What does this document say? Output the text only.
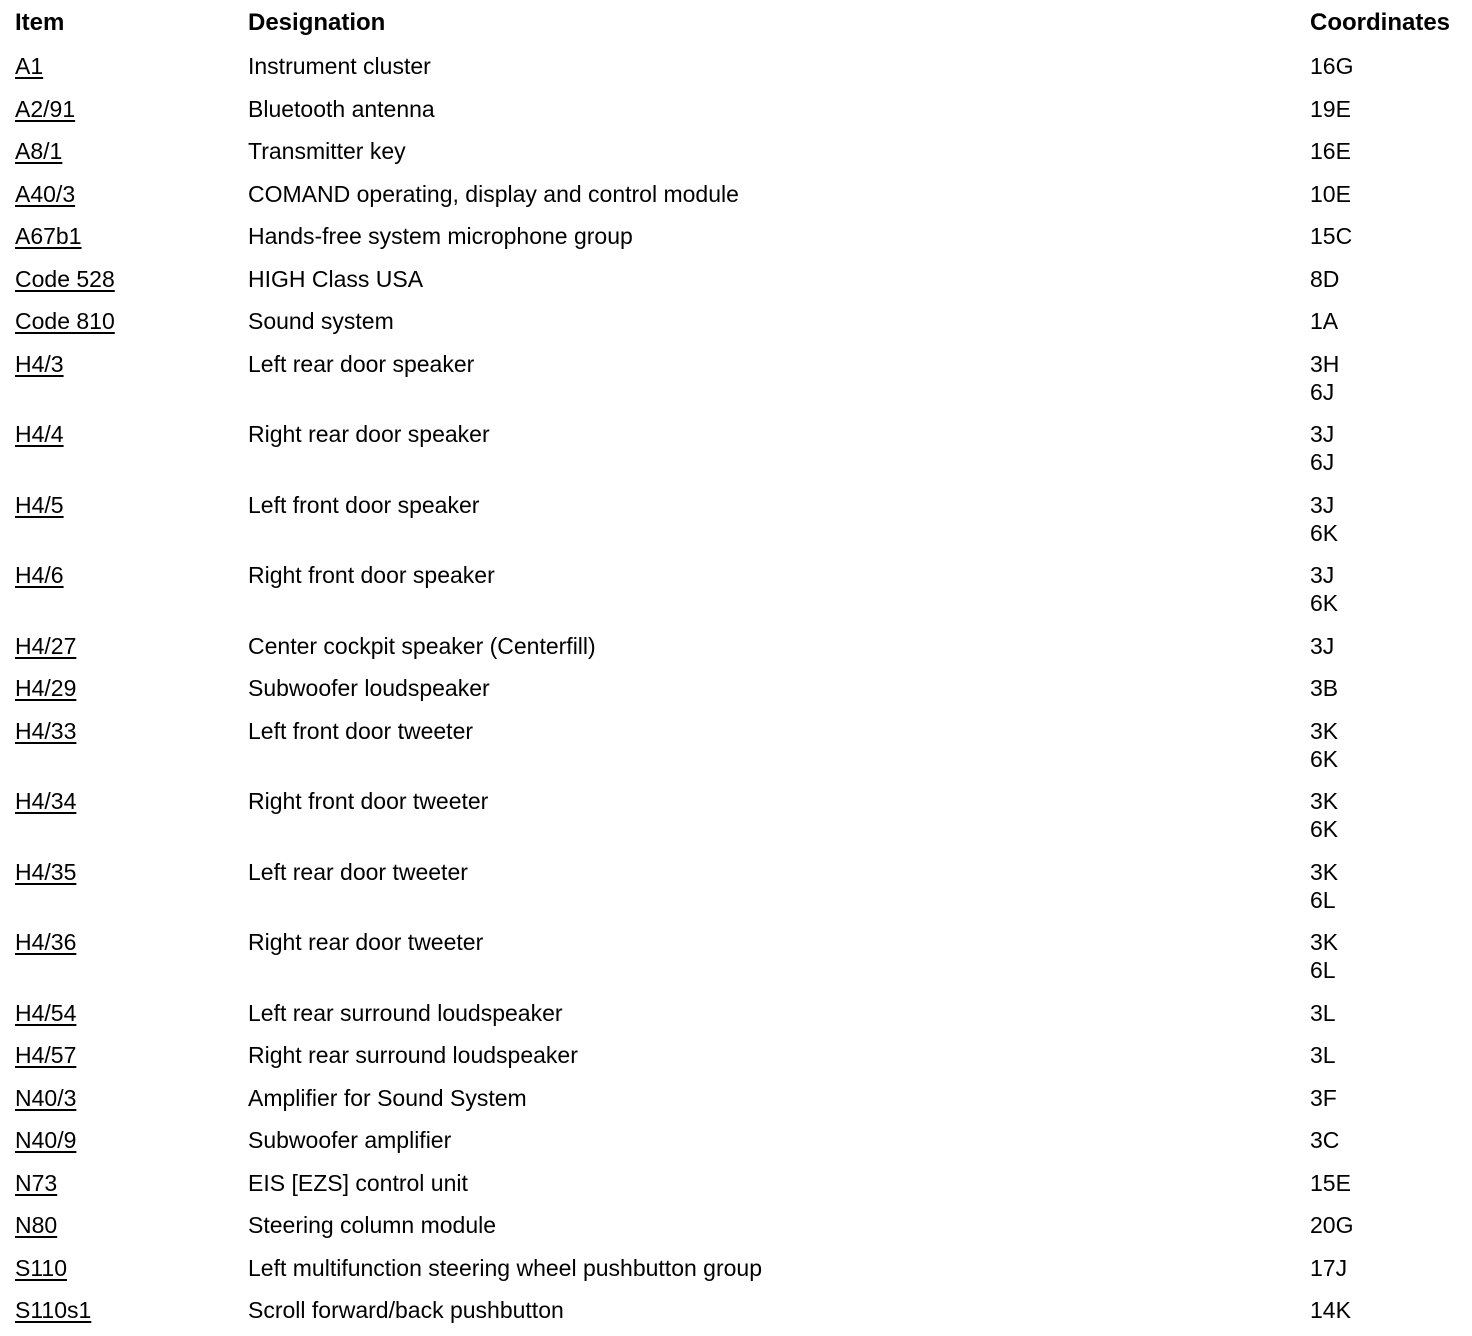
Item	Designation	Coordinates
A1	Instrument cluster	16G
A2/91	Bluetooth antenna	19E
A8/1	Transmitter key	16E
A40/3	COMAND operating, display and control module	10E
A67b1	Hands-free system microphone group	15C
Code 528	HIGH Class USA	8D
Code 810	Sound system	1A
H4/3	Left rear door speaker	3H
6J
H4/4	Right rear door speaker	3J
6J
H4/5	Left front door speaker	3J
6K
H4/6	Right front door speaker	3J
6K
H4/27	Center cockpit speaker (Centerfill)	3J
H4/29	Subwoofer loudspeaker	3B
H4/33	Left front door tweeter	3K
6K
H4/34	Right front door tweeter	3K
6K
H4/35	Left rear door tweeter	3K
6L
H4/36	Right rear door tweeter	3K
6L
H4/54	Left rear surround loudspeaker	3L
H4/57	Right rear surround loudspeaker	3L
N40/3	Amplifier for Sound System	3F
N40/9	Subwoofer amplifier	3C
N73	EIS [EZS] control unit	15E
N80	Steering column module	20G
S110	Left multifunction steering wheel pushbutton group	17J
S110s1	Scroll forward/back pushbutton	14K
